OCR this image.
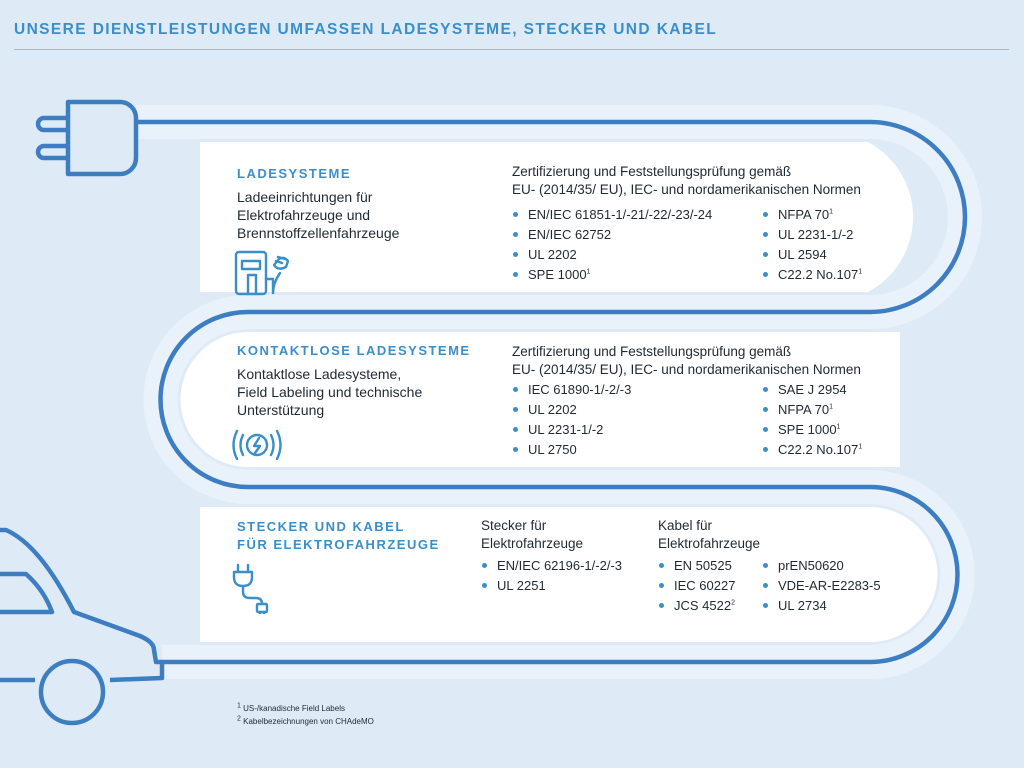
UNSERE DIENSTLEISTUNGEN UMFASSEN LADESYSTEME, STECKER UND KABEL
LADESYSTEME
Ladeeinrichtungen für
Elektrofahrzeuge und
Brennstoffzellenfahrzeuge
Zertifizierung und Feststellungsprüfung gemäß
EU- (2014/35/ EU), IEC- und nordamerikanischen Normen
EN/IEC 61851-1/-21/-22/-23/-24
EN/IEC 62752
UL 2202
SPE 1000$^1$
NFPA $70^1$
UL 2231-1/-2
UL 2594
C22.2 No.107$^1$
KONTAKTLOSE LADESYSTEME
Kontaktlose Ladesysteme,
Field Labeling und technische
Unterstützung
Zertifizierung und Feststellungsprüfung gemäß
EU- (2014/35/ EU), IEC- und nordamerikanischen Normen
IEC 61890-1/-2/-3
UL 2202
UL 2231-1/-2
UL 2750
SAE J 2954
NFPA $70^1$
SPE 1000$^1$
C22.2 No.107$^1$
STECKER UND KABEL
FÜR ELEKTROFAHRZEUGE
Stecker für
Elektrofahrzeuge
EN/IEC 62196-1/-2/-3
UL 2251
Kabel für
Elektrofahrzeuge
EN 50525
IEC 60227
JCS 4522$^2$
prEN50620
VDE-AR-E2283-5
UL 2734
$^1$ US-/kanadische Field Labels
$^2$ Kabelbezeichnungen von CHAdeMO
